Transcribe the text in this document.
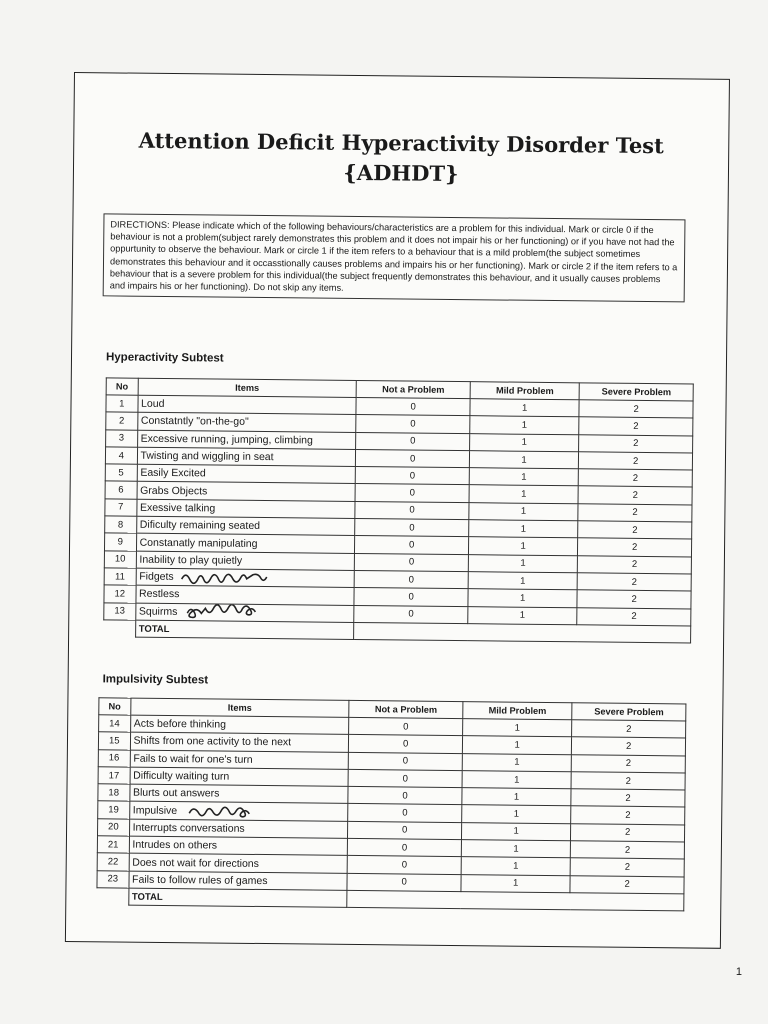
Attention Deficit Hyperactivity Disorder Test
{ADHDT}
DIRECTIONS: Please indicate which of the following behaviours/characteristics are a problem for this individual. Mark or circle 0 if the behaviour is not a problem(subject rarely demonstrates this problem and it does not impair his or her functioning) or if you have not had the oppurtunity to observe the behaviour. Mark or circle 1 if the item refers to a behaviour that is a mild problem(the subject sometimes demonstrates this behaviour and it occasstionally causes problems and impairs his or her functioning). Mark or circle 2 if the item refers to a behaviour that is a severe problem for this individual(the subject frequently demonstrates this behaviour, and it usually causes problems and impairs his or her functioning). Do not skip any items.
Hyperactivity Subtest
No	Items	Not a Problem	Mild Problem	Severe Problem
1	Loud	0	1	2
2	Constatntly "on-the-go"	0	1	2
3	Excessive running, jumping, climbing	0	1	2
4	Twisting and wiggling in seat	0	1	2
5	Easily Excited	0	1	2
6	Grabs Objects	0	1	2
7	Exessive talking	0	1	2
8	Dificulty remaining seated	0	1	2
9	Constanatly manipulating	0	1	2
10	Inability to play quietly	0	1	2
11	Fidgets	0	1	2
12	Restless	0	1	2
13	Squirms	0	1	2
	TOTAL			
Impulsivity Subtest
No	Items	Not a Problem	Mild Problem	Severe Problem
14	Acts before thinking	0	1	2
15	Shifts from one activity to the next	0	1	2
16	Fails to wait for one's turn	0	1	2
17	Difficulty waiting turn	0	1	2
18	Blurts out answers	0	1	2
19	Impulsive	0	1	2
20	Interrupts conversations	0	1	2
21	Intrudes on others	0	1	2
22	Does not wait for directions	0	1	2
23	Fails to follow rules of games	0	1	2
	TOTAL			
1
